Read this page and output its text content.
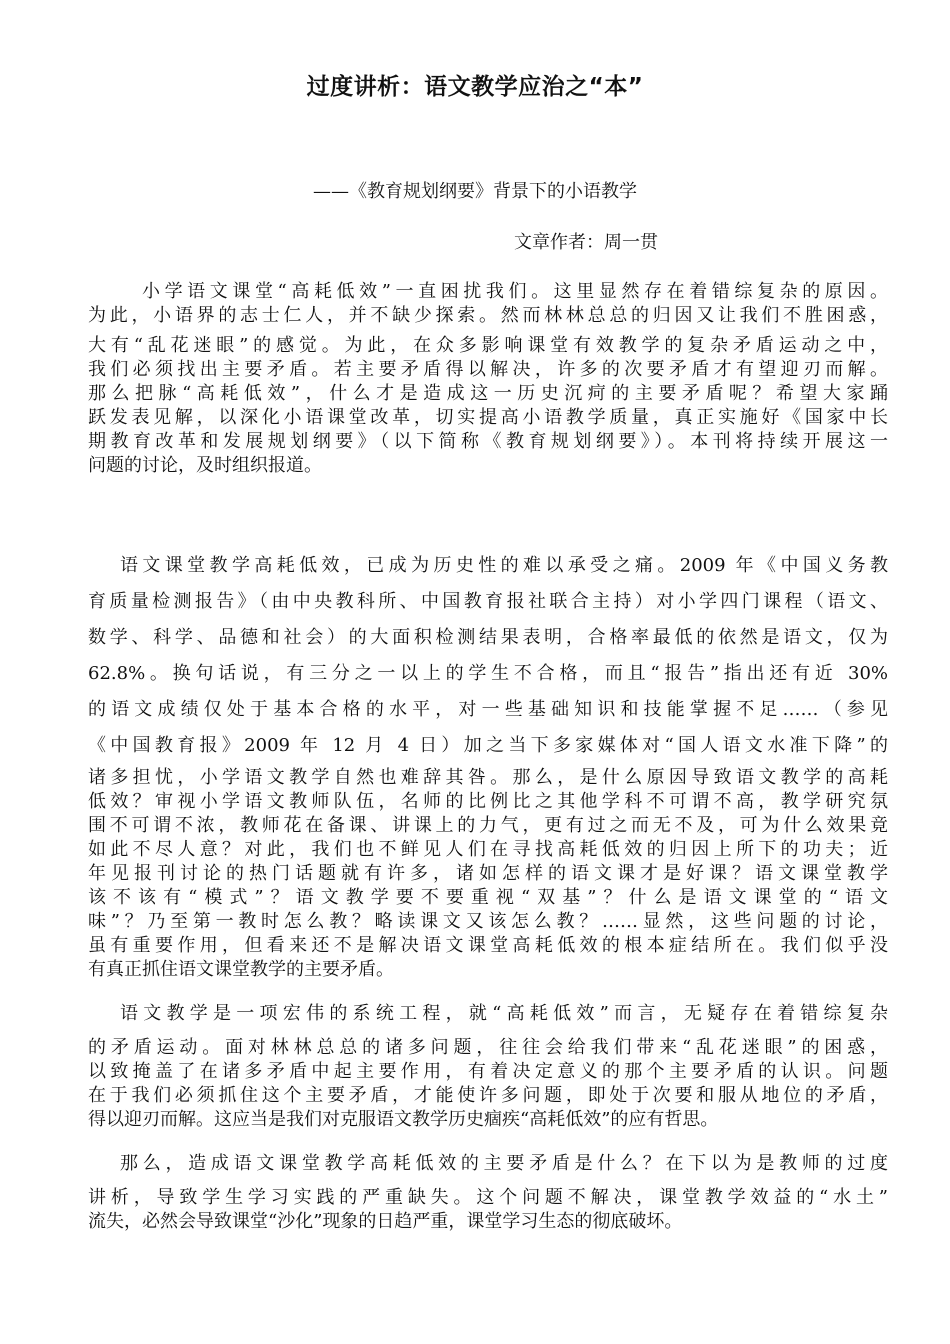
过度讲析：语文教学应治之“本”
——《教育规划纲要》背景下的小语教学
文章作者：周一贯
小学语文课堂“高耗低效”一直困扰我们。这里显然存在着错综复杂的原因。
为此，小语界的志士仁人，并不缺少探索。然而林林总总的归因又让我们不胜困惑，
大有“乱花迷眼”的感觉。为此，在众多影响课堂有效教学的复杂矛盾运动之中，
我们必须找出主要矛盾。若主要矛盾得以解决，许多的次要矛盾才有望迎刃而解。
那么把脉“高耗低效”，什么才是造成这一历史沉疴的主要矛盾呢？希望大家踊
跃发表见解，以深化小语课堂改革，切实提高小语教学质量，真正实施好《国家中长
期教育改革和发展规划纲要》（以下简称《教育规划纲要》）。本刊将持续开展这一
问题的讨论，及时组织报道。
语文课堂教学高耗低效，已成为历史性的难以承受之痛。2009 年《中国义务教
育质量检测报告》（由中央教科所、中国教育报社联合主持）对小学四门课程（语文、
数学、科学、品德和社会）的大面积检测结果表明，合格率最低的依然是语文，仅为
62.8%。换句话说，有三分之一以上的学生不合格，而且“报告”指出还有近 30%
的语文成绩仅处于基本合格的水平，对一些基础知识和技能掌握不足……（参见
《中国教育报》2009 年 12 月 4 日）加之当下多家媒体对“国人语文水准下降”的
诸多担忧，小学语文教学自然也难辞其咎。那么，是什么原因导致语文教学的高耗
低效？审视小学语文教师队伍，名师的比例比之其他学科不可谓不高，教学研究氛
围不可谓不浓，教师花在备课、讲课上的力气，更有过之而无不及，可为什么效果竟
如此不尽人意？对此，我们也不鲜见人们在寻找高耗低效的归因上所下的功夫；近
年见报刊讨论的热门话题就有许多，诸如怎样的语文课才是好课？语文课堂教学
该不该有“模式”？语文教学要不要重视“双基”？什么是语文课堂的“语文
味”？乃至第一教时怎么教？略读课文又该怎么教？……显然，这些问题的讨论，
虽有重要作用，但看来还不是解决语文课堂高耗低效的根本症结所在。我们似乎没
有真正抓住语文课堂教学的主要矛盾。
语文教学是一项宏伟的系统工程，就“高耗低效”而言，无疑存在着错综复杂
的矛盾运动。面对林林总总的诸多问题，往往会给我们带来“乱花迷眼”的困惑，
以致掩盖了在诸多矛盾中起主要作用，有着决定意义的那个主要矛盾的认识。问题
在于我们必须抓住这个主要矛盾，才能使许多问题，即处于次要和服从地位的矛盾，
得以迎刃而解。这应当是我们对克服语文教学历史痼疾“高耗低效”的应有哲思。
那么，造成语文课堂教学高耗低效的主要矛盾是什么？在下以为是教师的过度
讲析，导致学生学习实践的严重缺失。这个问题不解决，课堂教学效益的“水土”
流失，必然会导致课堂“沙化”现象的日趋严重，课堂学习生态的彻底破坏。
